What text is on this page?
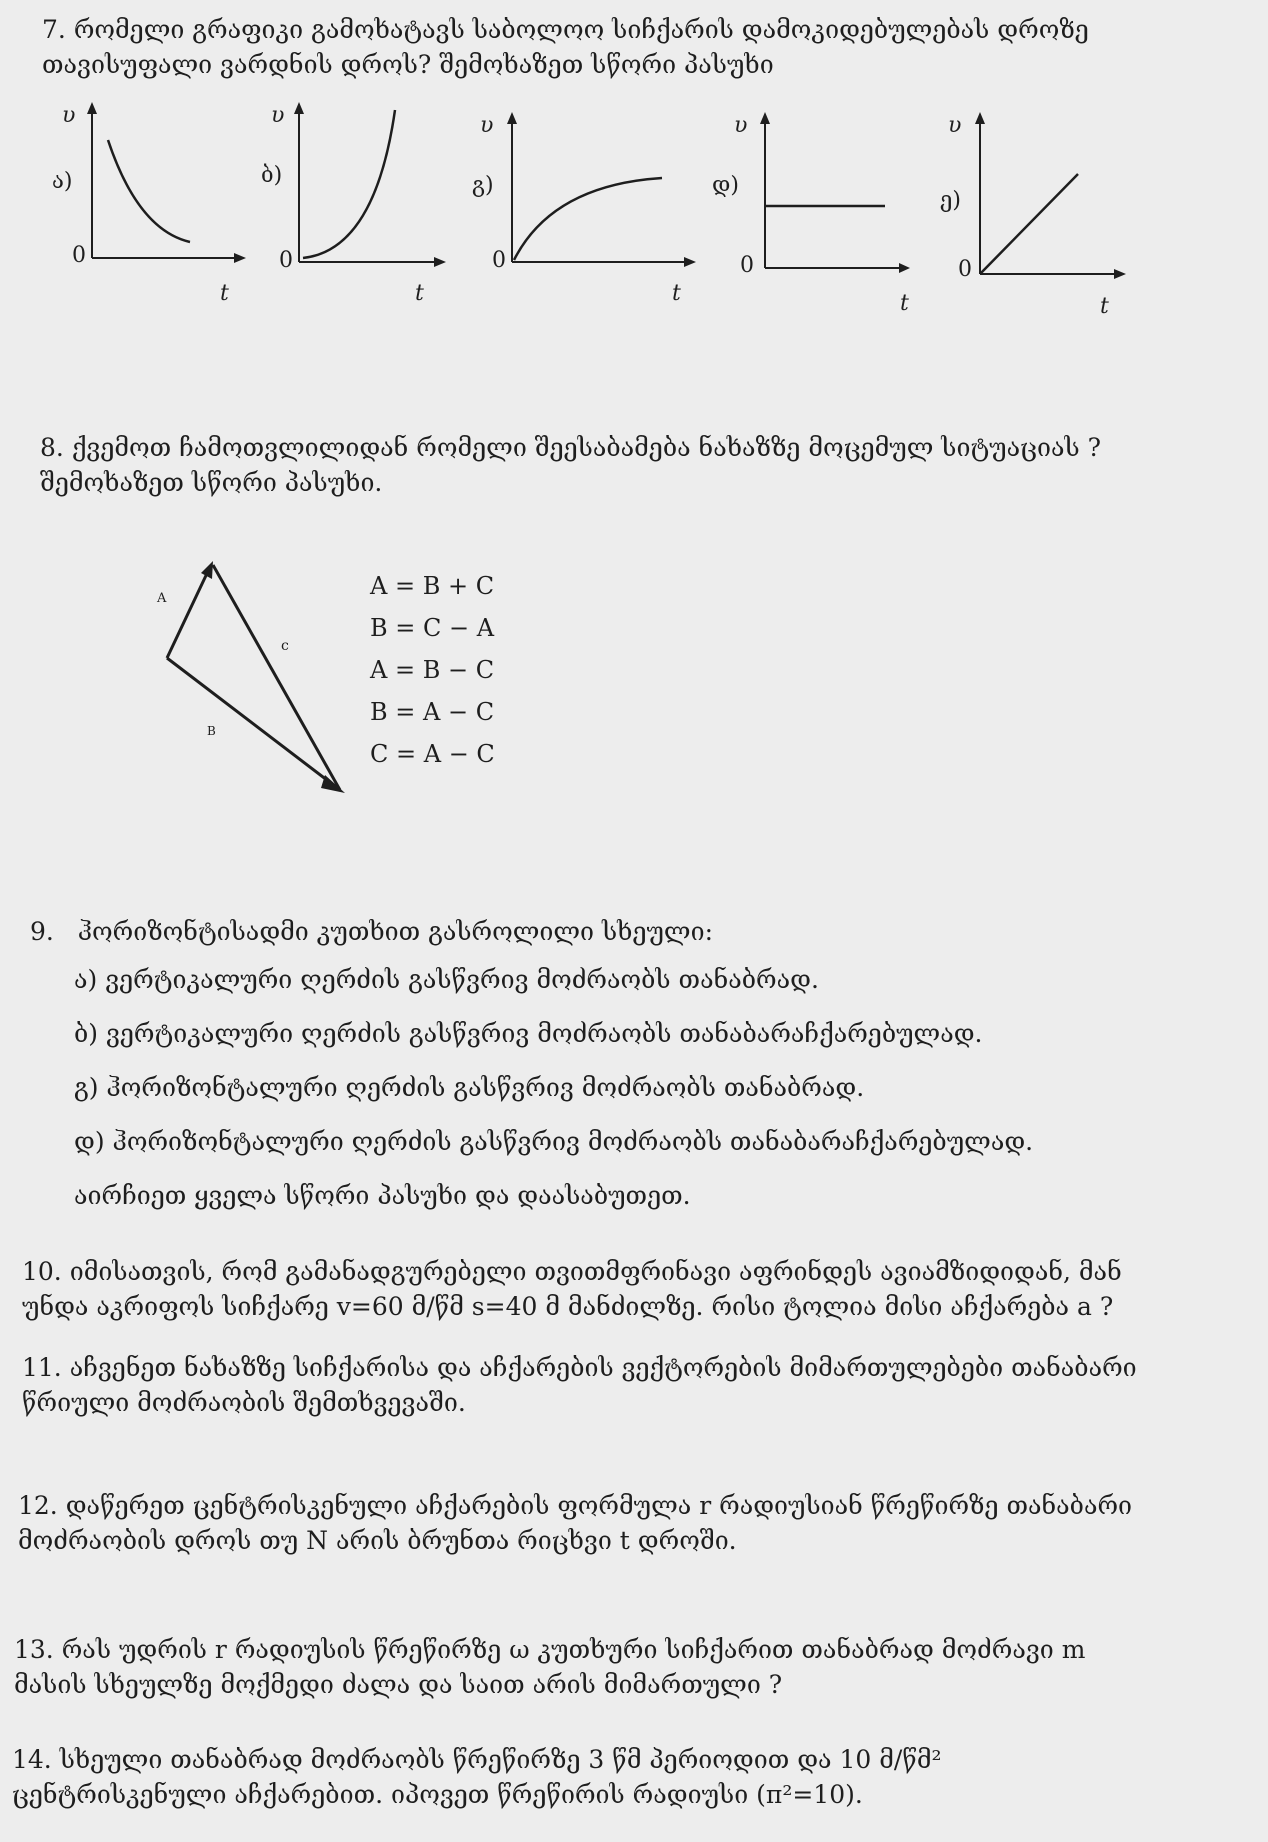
7. რომელი გრაფიკი გამოხატავს საბოლოო სიჩქარის დამოკიდებულებას დროზე
თავისუფალი ვარდნის დროს? შემოხაზეთ სწორი პასუხი
υ
ა)
0
t
υ
ბ)
0
t
υ
გ)
0
t
υ
დ)
0
t
υ
ე)
0
t
8. ქვემოთ ჩამოთვლილიდან რომელი შეესაბამება ნახაზზე მოცემულ სიტუაციას ?
შემოხაზეთ სწორი პასუხი.
A
c
B
A = B + C
B = C − A
A = B − C
B = A − C
C = A − C
9. ჰორიზონტისადმი კუთხით გასროლილი სხეული:
ა) ვერტიკალური ღერძის გასწვრივ მოძრაობს თანაბრად.
ბ) ვერტიკალური ღერძის გასწვრივ მოძრაობს თანაბარაჩქარებულად.
გ) ჰორიზონტალური ღერძის გასწვრივ მოძრაობს თანაბრად.
დ) ჰორიზონტალური ღერძის გასწვრივ მოძრაობს თანაბარაჩქარებულად.
აირჩიეთ ყველა სწორი პასუხი და დაასაბუთეთ.
10. იმისათვის, რომ გამანადგურებელი თვითმფრინავი აფრინდეს ავიამზიდიდან, მან
უნდა აკრიფოს სიჩქარე v=60 მ/წმ s=40 მ მანძილზე. რისი ტოლია მისი აჩქარება a ?
11. აჩვენეთ ნახაზზე სიჩქარისა და აჩქარების ვექტორების მიმართულებები თანაბარი
წრიული მოძრაობის შემთხვევაში.
12. დაწერეთ ცენტრისკენული აჩქარების ფორმულა r რადიუსიან წრეწირზე თანაბარი
მოძრაობის დროს თუ N არის ბრუნთა რიცხვი t დროში.
13. რას უდრის r რადიუსის წრეწირზე ω კუთხური სიჩქარით თანაბრად მოძრავი m
მასის სხეულზე მოქმედი ძალა და საით არის მიმართული ?
14. სხეული თანაბრად მოძრაობს წრეწირზე 3 წმ პერიოდით და 10 მ/წმ²
ცენტრისკენული აჩქარებით. იპოვეთ წრეწირის რადიუსი (π²=10).
